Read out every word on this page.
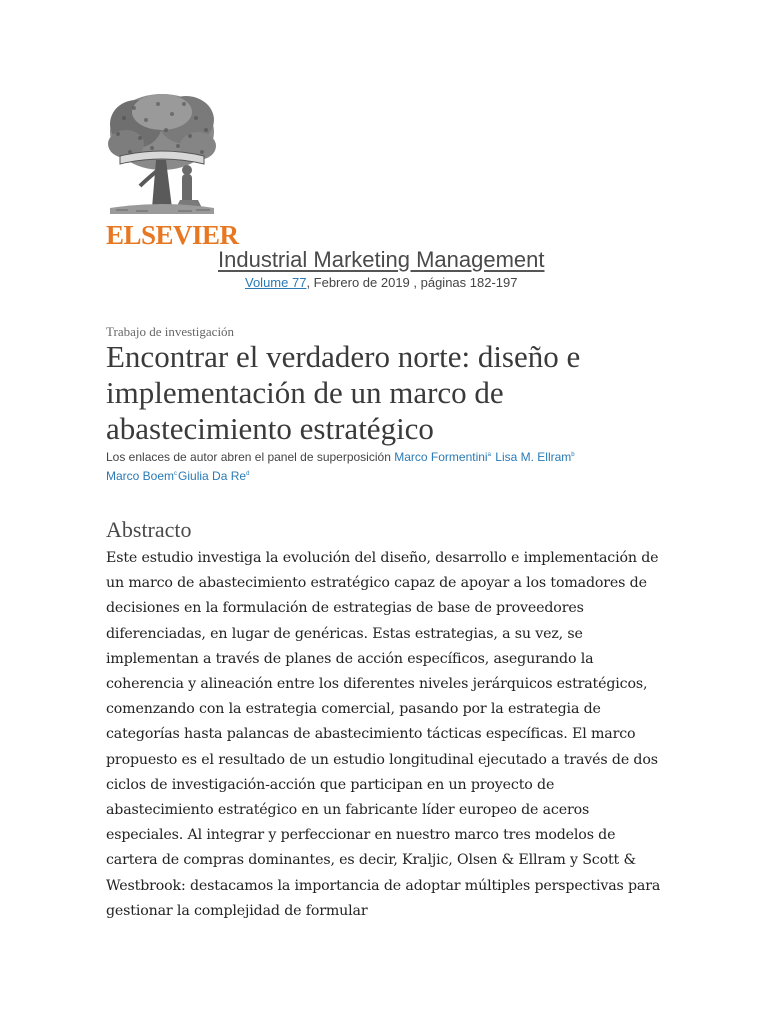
ELSEVIER
Industrial Marketing Management
Volume 77, Febrero de 2019 , páginas 182-197
Trabajo de investigación
Encontrar el verdadero norte: diseño e implementación de un marco de abastecimiento estratégico
Los enlaces de autor abren el panel de superposición Marco Formentini$^a$ Lisa M. Ellram$^b$
Marco Boem$^c$Giulia Da Re$^d$
Abstracto

Este estudio investiga la evolución del diseño, desarrollo e implementación de un marco de abastecimiento estratégico capaz de apoyar a los tomadores de decisiones en la formulación de estrategias de base de proveedores diferenciadas, en lugar de genéricas. Estas estrategias, a su vez, se implementan a través de planes de acción específicos, asegurando la coherencia y alineación entre los diferentes niveles jerárquicos estratégicos, comenzando con la estrategia comercial, pasando por la estrategia de categorías hasta palancas de abastecimiento tácticas específicas. El marco propuesto es el resultado de un estudio longitudinal ejecutado a través de dos ciclos de investigación-acción que participan en un proyecto de abastecimiento estratégico en un fabricante líder europeo de aceros especiales. Al integrar y perfeccionar en nuestro marco tres modelos de cartera de compras dominantes, es decir, Kraljic, Olsen & Ellram y Scott & Westbrook: destacamos la importancia de adoptar múltiples perspectivas para gestionar la complejidad de formular
